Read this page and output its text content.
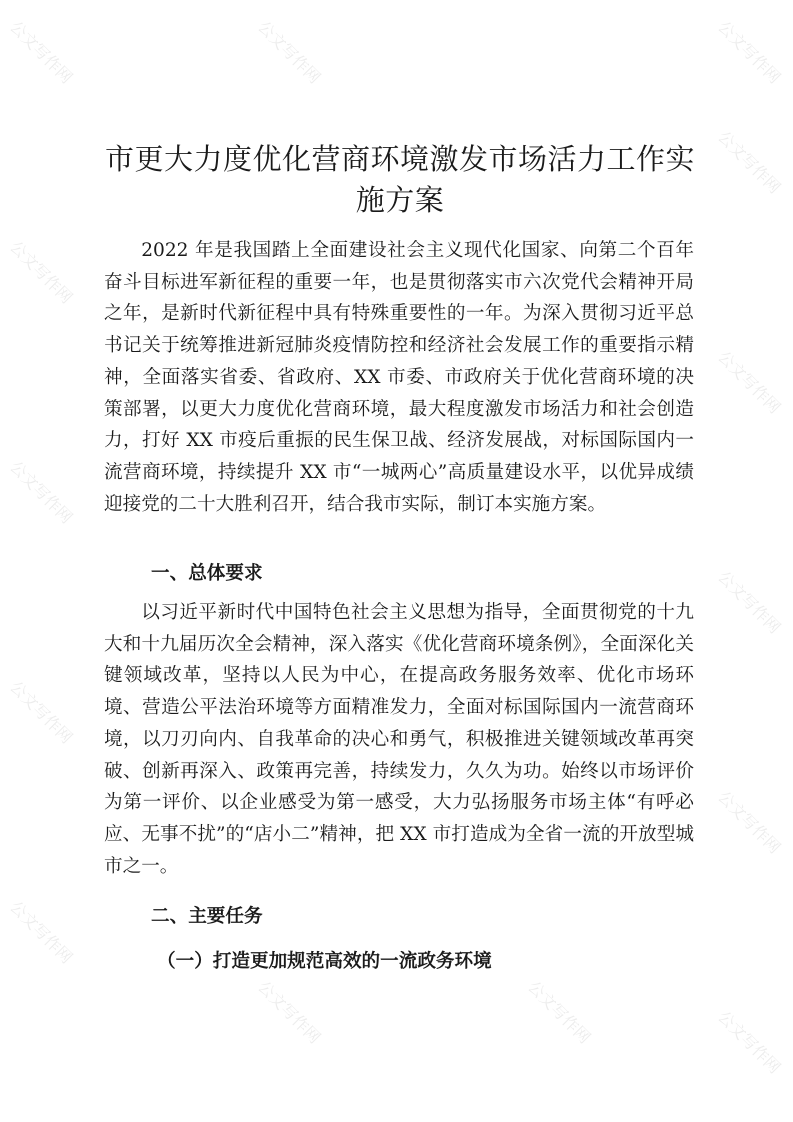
市更大力度优化营商环境激发市场活力工作实施方案

2022 年是我国踏上全面建设社会主义现代化国家、向第二个百年奋斗目标进军新征程的重要一年，也是贯彻落实市六次党代会精神开局之年，是新时代新征程中具有特殊重要性的一年。为深入贯彻习近平总书记关于统筹推进新冠肺炎疫情防控和经济社会发展工作的重要指示精神，全面落实省委、省政府、XX 市委、市政府关于优化营商环境的决策部署，以更大力度优化营商环境，最大程度激发市场活力和社会创造力，打好 XX 市疫后重振的民生保卫战、经济发展战，对标国际国内一流营商环境，持续提升 XX 市“一城两心”高质量建设水平，以优异成绩迎接党的二十大胜利召开，结合我市实际，制订本实施方案。

一、总体要求

以习近平新时代中国特色社会主义思想为指导，全面贯彻党的十九大和十九届历次全会精神，深入落实《优化营商环境条例》，全面深化关键领域改革，坚持以人民为中心，在提高政务服务效率、优化市场环境、营造公平法治环境等方面精准发力，全面对标国际国内一流营商环境，以刀刃向内、自我革命的决心和勇气，积极推进关键领域改革再突破、创新再深入、政策再完善，持续发力，久久为功。始终以市场评价为第一评价、以企业感受为第一感受，大力弘扬服务市场主体“有呼必应、无事不扰”的“店小二”精神，把 XX 市打造成为全省一流的开放型城市之一。

二、主要任务
（一）打造更加规范高效的一流政务环境
公文写作网
公文写作网
公文写作网
公文写作网
公文写作网
公文写作网
公文写作网	公文写作网
公文写作网
公文写作网
公文写作网
公文写作网
公文写作网
公文写作网
